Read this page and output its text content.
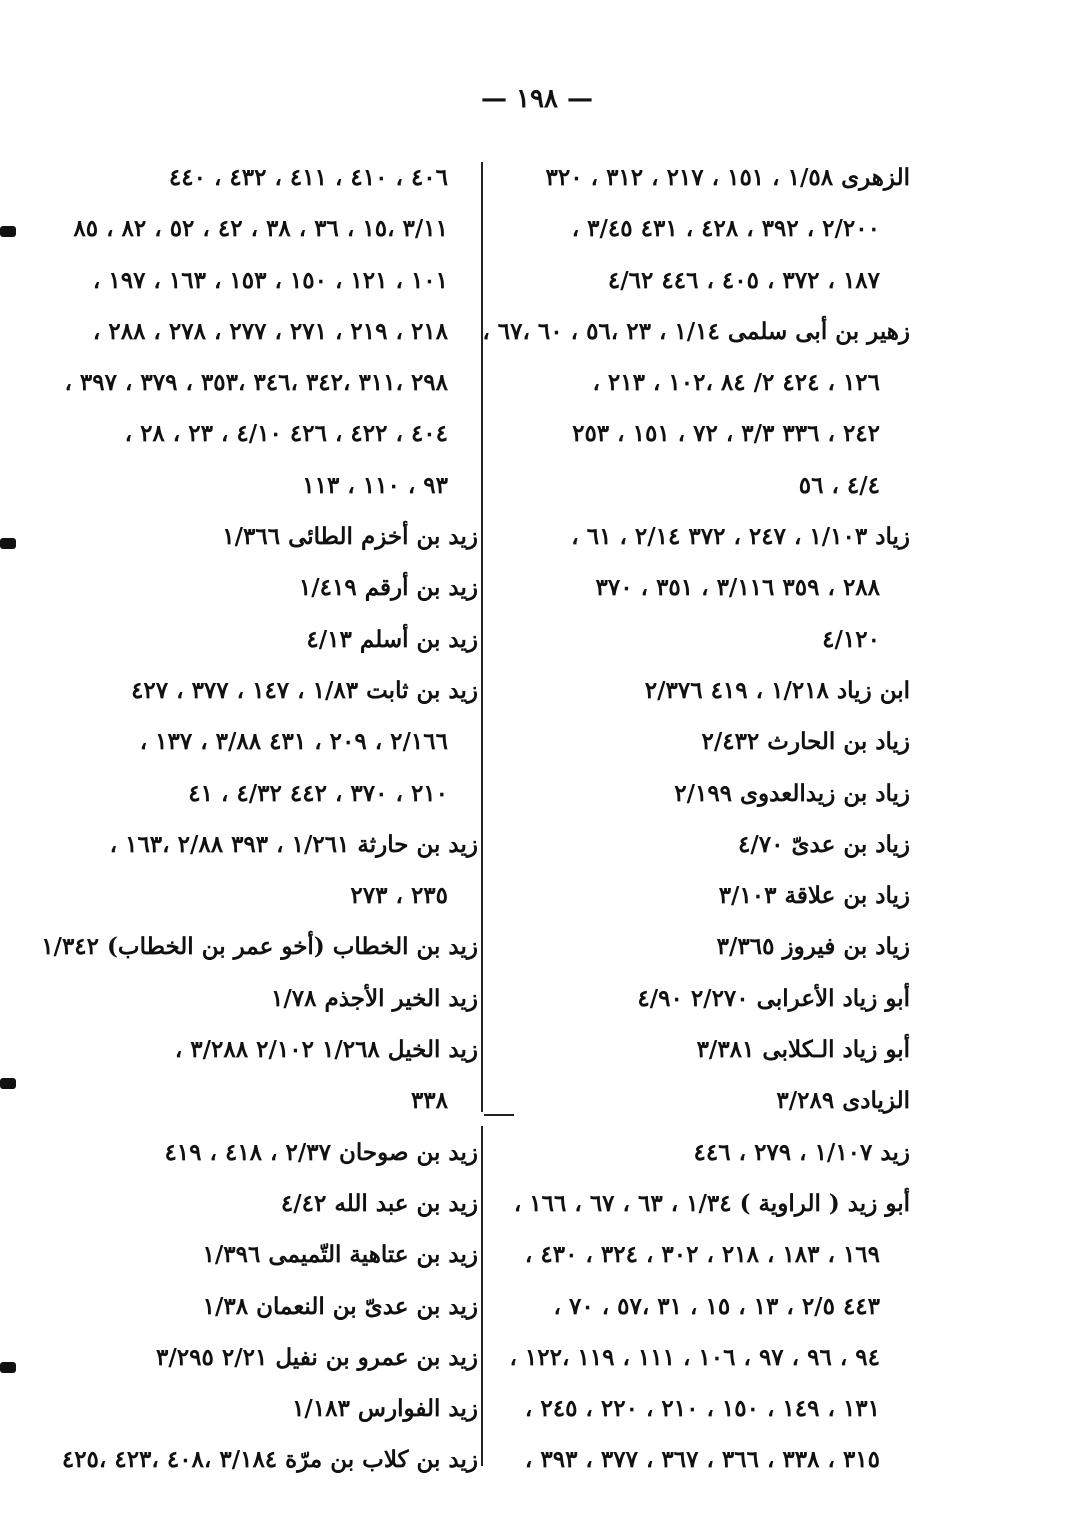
— ١٩٨ —
الزهرى ١/٥٨ ، ١٥١ ، ٢١٧ ، ٣١٢ ، ٣٢٠
٢/٢٠٠ ، ٣٩٢ ، ٤٢٨ ، ٤٣١ ٣/٤٥ ،
١٨٧ ، ٣٧٢ ، ٤٠٥ ، ٤٤٦ ٤/٦٢
زهير بن أبى سلمى ١/١٤ ، ٢٣ ،٥٦ ، ٦٠ ،٦٧ ،
١٢٦ ، ٤٢٤ ٢/ ٨٤ ،١٠٢ ، ٢١٣ ،
٢٤٢ ، ٣٣٦ ٣/٣ ، ٧٢ ، ١٥١ ، ٢٥٣
٤/٤ ، ٥٦
زياد ١/١٠٣ ، ٢٤٧ ، ٣٧٢ ٢/١٤ ، ٦١ ،
٢٨٨ ، ٣٥٩ ٣/١١٦ ، ٣٥١ ، ٣٧٠
٤/١٢٠
ابن زياد ١/٢١٨ ، ٤١٩ ٢/٣٧٦
زياد بن الحارث ٢/٤٣٢
زياد بن زيدالعدوى ٢/١٩٩
زياد بن عدىّ ٤/٧٠
زياد بن علاقة ٣/١٠٣
زياد بن فيروز ٣/٣٦٥
أبو زياد الأعرابى ٢/٢٧٠ ٤/٩٠
أبو زياد الـكلابى ٣/٣٨١
الزيادى ٣/٢٨٩
زيد ١/١٠٧ ، ٢٧٩ ، ٤٤٦
أبو زيد ( الراوية ) ١/٣٤ ، ٦٣ ، ٦٧ ، ١٦٦ ،
١٦٩ ، ١٨٣ ، ٢١٨ ، ٣٠٢ ، ٣٢٤ ، ٤٣٠ ،
٤٤٣ ٢/٥ ، ١٣ ، ١٥ ، ٣١ ،٥٧ ، ٧٠ ،
٩٤ ، ٩٦ ، ٩٧ ، ١٠٦ ، ١١١ ، ١١٩ ،١٢٢ ،
١٣١ ، ١٤٩ ، ١٥٠ ، ٢١٠ ، ٢٢٠ ، ٢٤٥ ،
٣١٥ ، ٣٣٨ ، ٣٦٦ ، ٣٦٧ ، ٣٧٧ ، ٣٩٣ ،
٤٠٦ ، ٤١٠ ، ٤١١ ، ٤٣٢ ، ٤٤٠
٣/١١ ،١٥ ، ٣٦ ، ٣٨ ، ٤٢ ، ٥٢ ، ٨٢ ، ٨٥
١٠١ ، ١٢١ ، ١٥٠ ، ١٥٣ ، ١٦٣ ، ١٩٧ ،
٢١٨ ، ٢١٩ ، ٢٧١ ، ٢٧٧ ، ٢٧٨ ، ٢٨٨ ،
٢٩٨ ،٣١١ ،٣٤٢ ،٣٤٦ ،٣٥٣ ، ٣٧٩ ، ٣٩٧ ،
٤٠٤ ، ٤٢٢ ، ٤٢٦ ٤/١٠ ، ٢٣ ، ٢٨ ،
٩٣ ، ١١٠ ، ١١٣
زيد بن أخزم الطائى ١/٣٦٦
زيد بن أرقم ١/٤١٩
زيد بن أسلم ٤/١٣
زيد بن ثابت ١/٨٣ ، ١٤٧ ، ٣٧٧ ، ٤٢٧
٢/١٦٦ ، ٢٠٩ ، ٤٣١ ٣/٨٨ ، ١٣٧ ،
٢١٠ ، ٣٧٠ ، ٤٤٢ ٤/٣٢ ، ٤١
زيد بن حارثة ١/٢٦١ ، ٣٩٣ ٢/٨٨ ،١٦٣ ،
٢٣٥ ، ٢٧٣
زيد بن الخطاب (أخو عمر بن الخطاب) ١/٣٤٢
زيد الخير الأجذم ١/٧٨
زيد الخيل ١/٢٦٨ ٢/١٠٢ ٣/٢٨٨ ،
٣٣٨
زيد بن صوحان ٢/٣٧ ، ٤١٨ ، ٤١٩
زيد بن عبد الله ٤/٤٢
زيد بن عتاهية التّميمى ١/٣٩٦
زيد بن عدىّ بن النعمان ١/٣٨
زيد بن عمرو بن نفيل ٢/٢١ ٣/٢٩٥
زيد الفوارس ١/١٨٣
زيد بن كلاب بن مرّة ٣/١٨٤ ،٤٠٨ ،٤٢٣ ،٤٢٥
